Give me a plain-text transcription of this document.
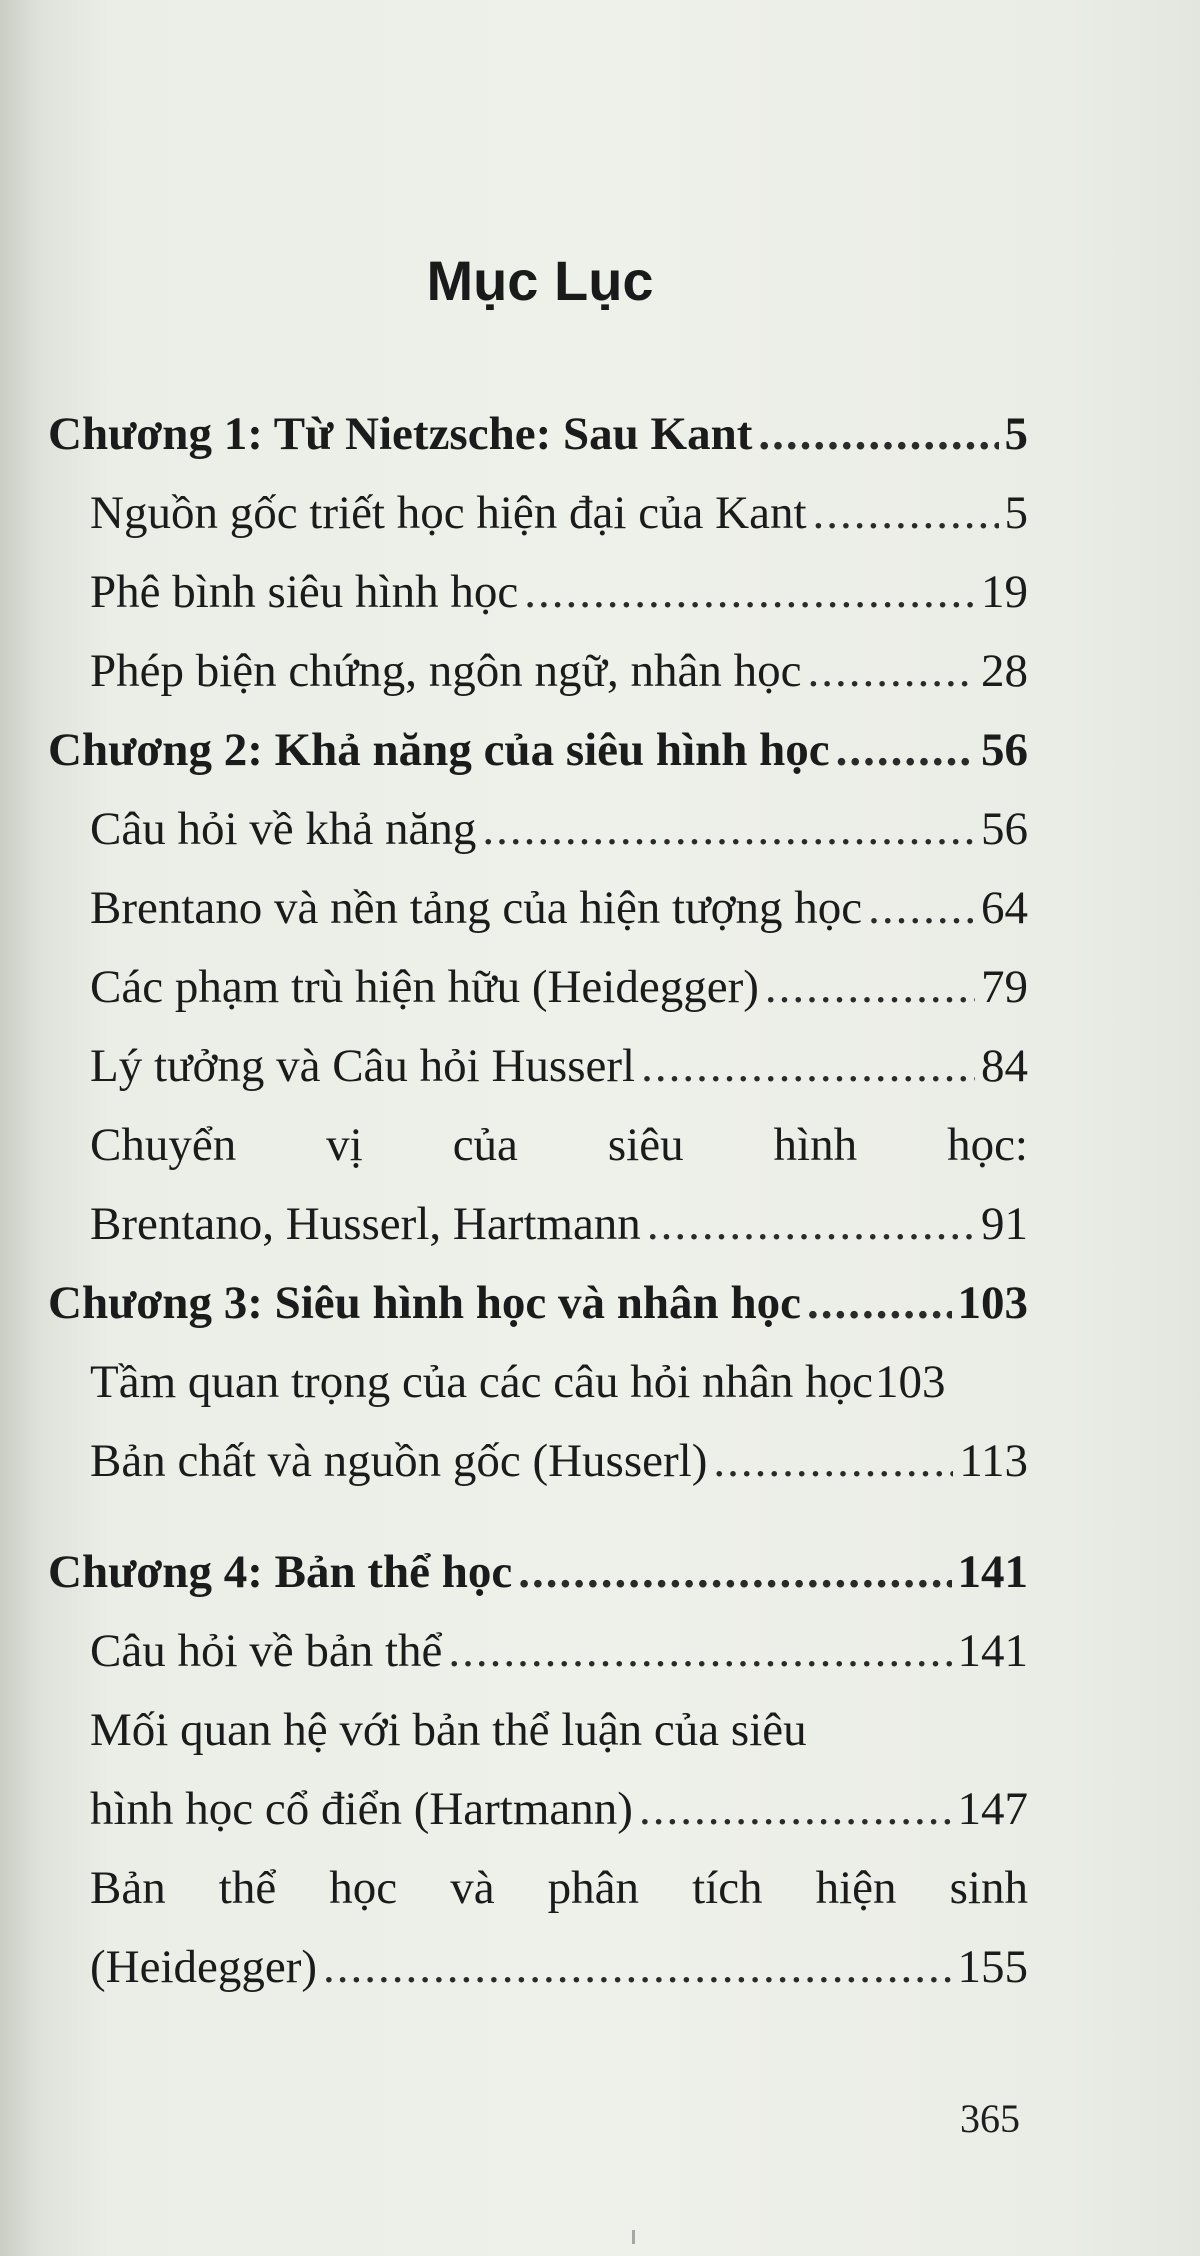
Mục Lục
Chương 1: Từ Nietzsche: Sau Kant .....	5
Nguồn gốc triết học hiện đại của Kant .....	5
Phê bình siêu hình học .....	19
Phép biện chứng, ngôn ngữ, nhân học .....	28
Chương 2: Khả năng của siêu hình học .....	56
Câu hỏi về khả năng .....	56
Brentano và nền tảng của hiện tượng học .....	64
Các phạm trù hiện hữu (Heidegger) .....	79
Lý tưởng và Câu hỏi Husserl .....	84
Chuyển vị của siêu hình học:
Brentano, Husserl, Hartmann .....	91
Chương 3: Siêu hình học và nhân học .....	103
Tầm quan trọng của các câu hỏi nhân học 103
Bản chất và nguồn gốc (Husserl) .....	113
Chương 4: Bản thể học .....	141
Câu hỏi về bản thể .....	141
Mối quan hệ với bản thể luận của siêu
hình học cổ điển (Hartmann) .....	147
Bản thể học và phân tích hiện sinh
(Heidegger) .....	155
365
